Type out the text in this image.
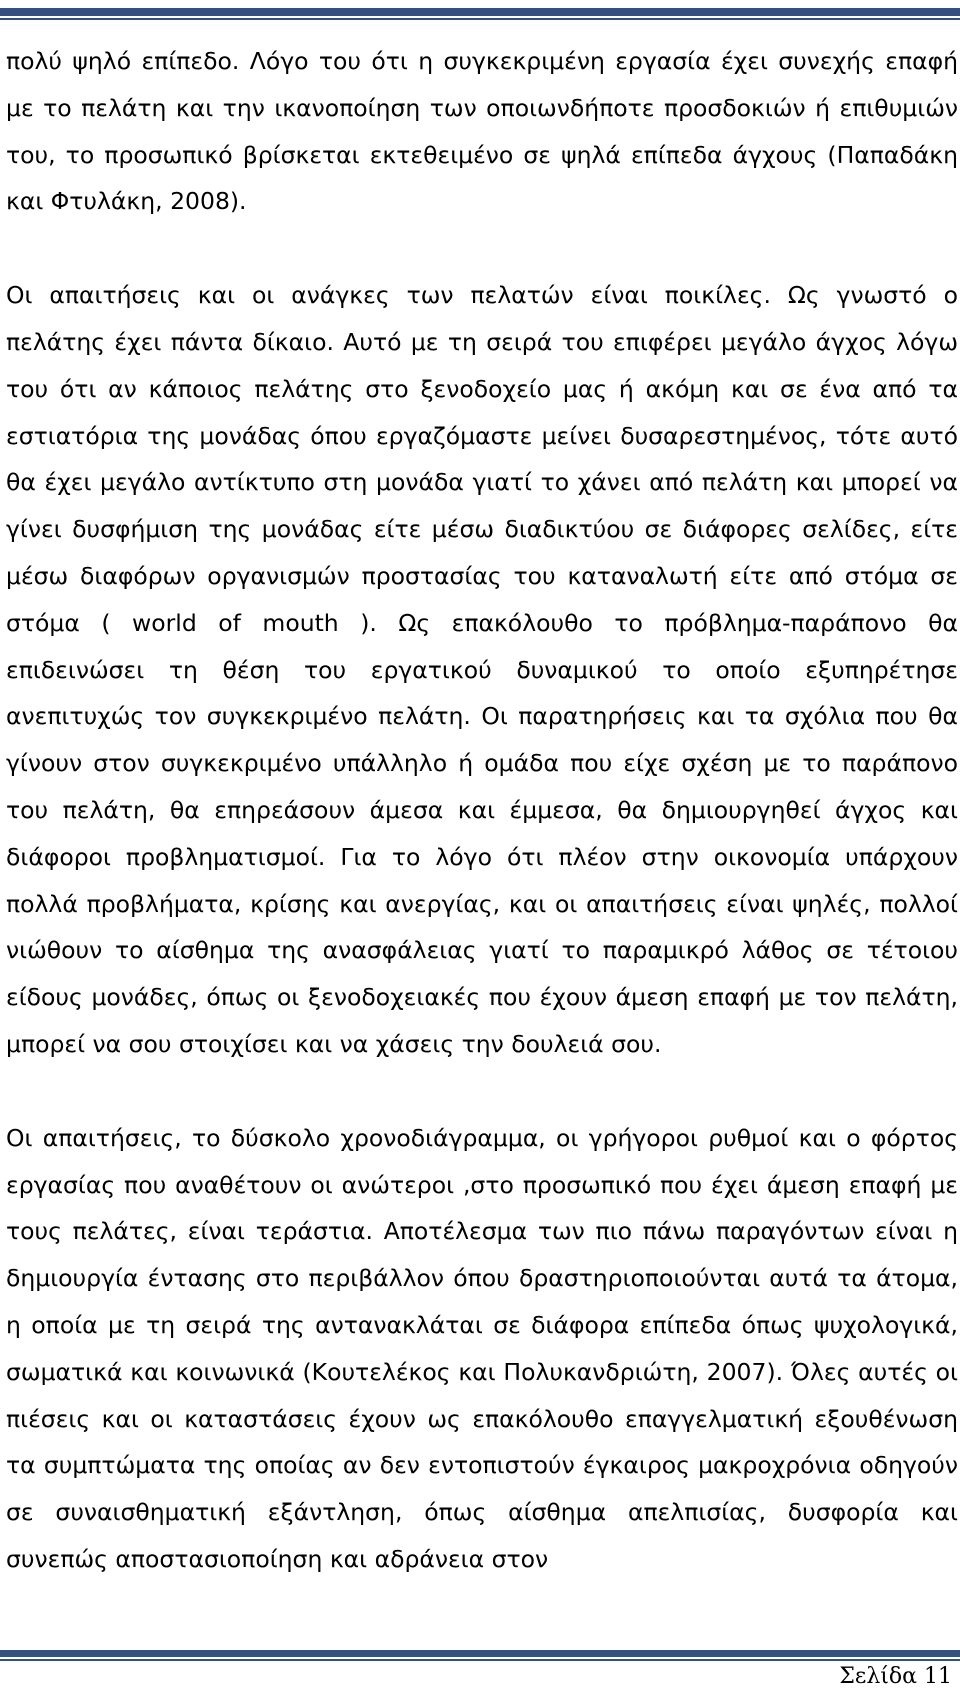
πολύ ψηλό επίπεδο. Λόγο του ότι η συγκεκριμένη εργασία έχει συνεχής επαφή με το πελάτη και την ικανοποίηση των οποιωνδήποτε προσδοκιών ή επιθυμιών του, το προσωπικό βρίσκεται εκτεθειμένο σε ψηλά επίπεδα άγχους (Παπαδάκη και Φτυλάκη, 2008).

Οι απαιτήσεις και οι ανάγκες των πελατών είναι ποικίλες. Ως γνωστό ο πελάτης έχει πάντα δίκαιο. Αυτό με τη σειρά του επιφέρει μεγάλο άγχος λόγω του ότι αν κάποιος πελάτης στο ξενοδοχείο μας ή ακόμη και σε ένα από τα εστιατόρια της μονάδας όπου εργαζόμαστε μείνει δυσαρεστημένος, τότε αυτό θα έχει μεγάλο αντίκτυπο στη μονάδα γιατί το χάνει από πελάτη και μπορεί να γίνει δυσφήμιση της μονάδας είτε μέσω διαδικτύου σε διάφορες σελίδες, είτε μέσω διαφόρων οργανισμών προστασίας του καταναλωτή είτε από στόμα σε στόμα ( world of mouth ). Ως επακόλουθο το πρόβλημα-παράπονο θα επιδεινώσει τη θέση του εργατικού δυναμικού το οποίο εξυπηρέτησε ανεπιτυχώς τον συγκεκριμένο πελάτη. Οι παρατηρήσεις και τα σχόλια που θα γίνουν στον συγκεκριμένο υπάλληλο ή ομάδα που είχε σχέση με το παράπονο του πελάτη, θα επηρεάσουν άμεσα και έμμεσα, θα δημιουργηθεί άγχος και διάφοροι προβληματισμοί. Για το λόγο ότι πλέον στην οικονομία υπάρχουν πολλά προβλήματα, κρίσης και ανεργίας, και οι απαιτήσεις είναι ψηλές, πολλοί νιώθουν το αίσθημα της ανασφάλειας γιατί το παραμικρό λάθος σε τέτοιου είδους μονάδες, όπως οι ξενοδοχειακές που έχουν άμεση επαφή με τον πελάτη, μπορεί να σου στοιχίσει και να χάσεις την δουλειά σου.

Οι απαιτήσεις, το δύσκολο χρονοδιάγραμμα, οι γρήγοροι ρυθμοί και ο φόρτος εργασίας που αναθέτουν οι ανώτεροι ,στο προσωπικό που έχει άμεση επαφή με τους πελάτες, είναι τεράστια. Αποτέλεσμα των πιο πάνω παραγόντων είναι η δημιουργία έντασης στο περιβάλλον όπου δραστηριοποιούνται αυτά τα άτομα, η οποία με τη σειρά της αντανακλάται σε διάφορα επίπεδα όπως ψυχολογικά, σωματικά και κοινωνικά (Κουτελέκος και Πολυκανδριώτη, 2007). Όλες αυτές οι πιέσεις και οι καταστάσεις έχουν ως επακόλουθο επαγγελματική εξουθένωση τα συμπτώματα της οποίας αν δεν εντοπιστούν έγκαιρος μακροχρόνια οδηγούν σε συναισθηματική εξάντληση, όπως αίσθημα απελπισίας, δυσφορία και συνεπώς αποστασιοποίηση και αδράνεια στον

Σελίδα 11
